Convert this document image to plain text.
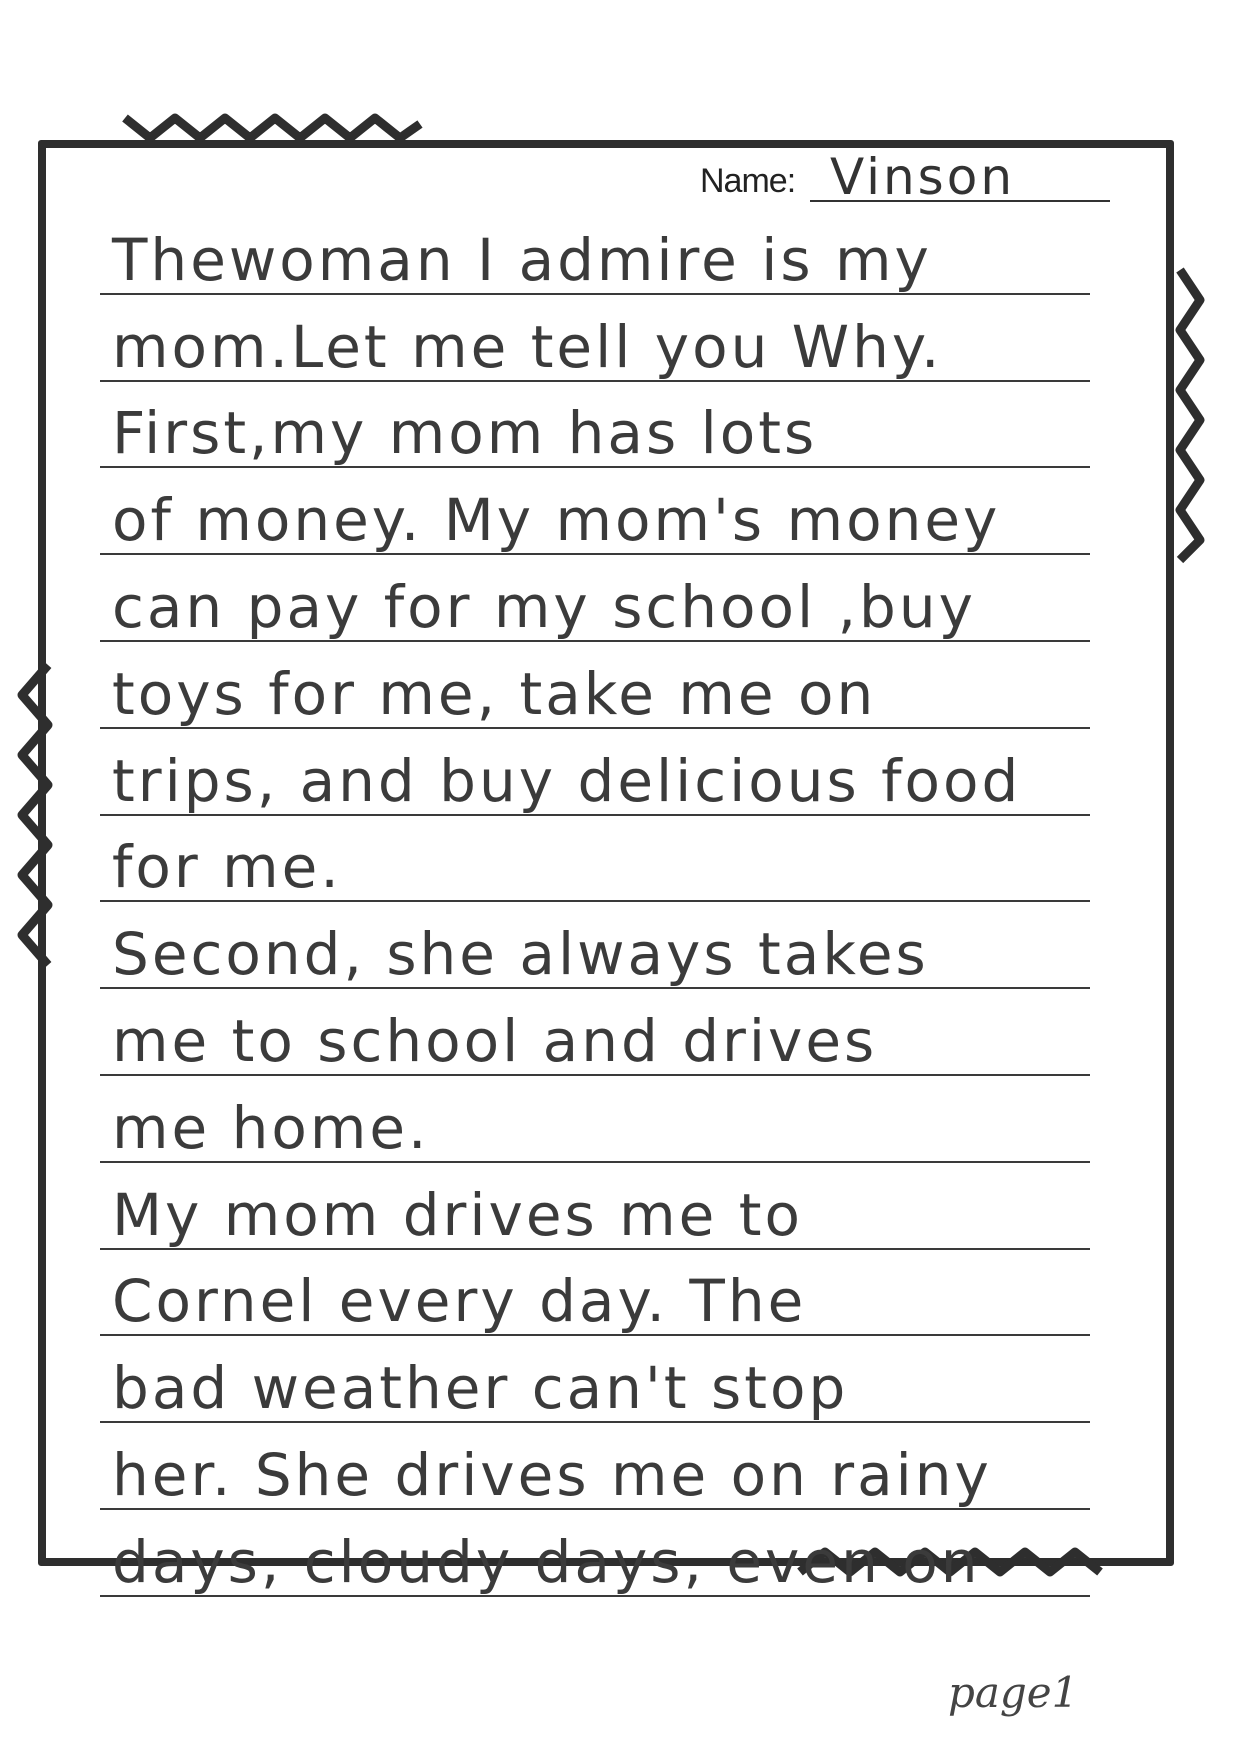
Name: Vinson
Thewoman I admire is my
mom.Let me tell you Why.
First,my mom has lots
of money. My mom's money
can pay for my school ,buy
toys for me, take me on
trips, and buy delicious food
for me.
Second, she always takes
me to school and drives
me home.
My mom drives me to
Cornel every day. The
bad weather can't stop
her. She drives me on rainy
days, cloudy days, even on
page1
